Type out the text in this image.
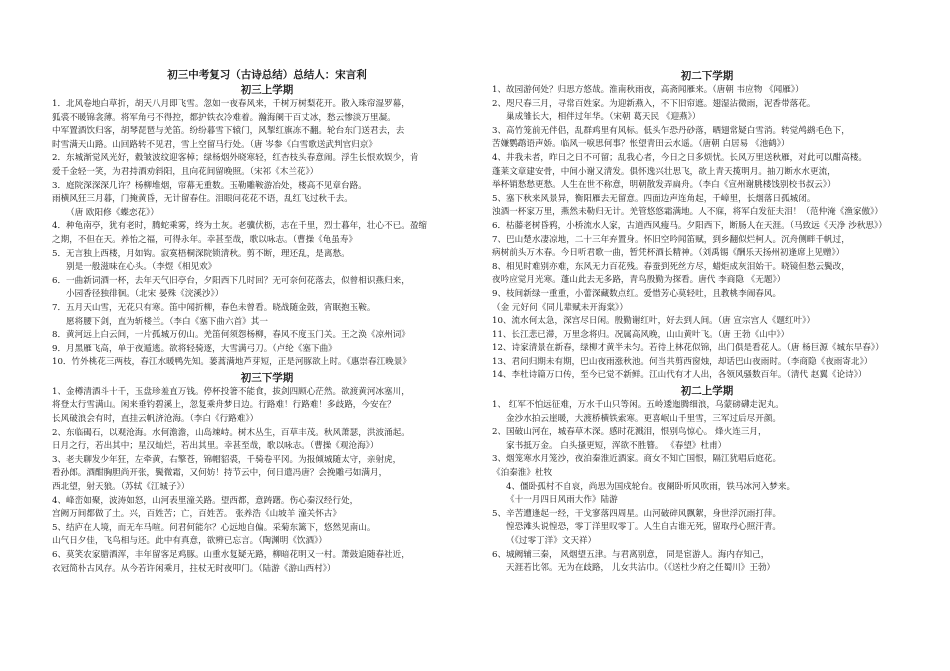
初三中考复习（古诗总结）总结人：宋言利

初三上学期

1．北风卷地白草折，胡天八月即飞雪。忽如一夜春风来，千树万树梨花开。散入珠帘湿罗幕，

狐裘不暖锦衾薄。将军角弓不得控，都护铁衣冷难着。瀚海阑干百丈冰，愁云惨淡万里凝。

中军置酒饮归客，胡琴琵琶与羌笛。纷纷暮雪下辕门，风掣红旗冻不翻。轮台东门送君去，去

时雪满天山路。山回路转不见君，雪上空留马行处。（唐 岑参《白雪歌送武判官归京》

2．东城渐觉风光好，縠皱波纹迎客棹；绿杨烟外晓寒轻，红杏枝头春意闹。浮生长恨欢娱少，肯

爱千金轻一笑，为君持酒劝斜阳，且向花间留晚照。（宋祁《木兰花》）

3．庭院深深深几许？杨柳堆烟，帘幕无重数。玉勒雕鞍游冶处，楼高不见章台路。

雨横风狂三月暮，门掩黄昏，无计留春住。泪眼问花花不语，乱红飞过秋千去。

（唐 欧阳修《蝶恋花》）

4．种龟南亭，犹有老时，腾蛇乘雾，终为土灰。老骥伏枥，志在千里，烈士暮年，壮心不已。盈缩

之期，不但在天。养怡之福，可得永年。幸甚至哉，歌以咏志。（曹操《龟虽寿》

5．无言独上西楼，月如钩。寂寞梧桐深院锁清秋。剪不断，理还乱，是离愁。

别是一般滋味在心头。（李煜《相见欢》

6．一曲新词酒一杯，去年天气旧亭台，夕阳西下几时回？无可奈何花落去，似曾相识燕归来，

小园香径独徘徊。（北宋 晏殊《浣溪沙》）

7．五月天山雪，无花只有寒。笛中闻折柳，春色未曾看。晓战随金鼓，宵眠抱玉鞍。

愿将腰下剑，直为斩楼兰。（李白《塞下曲六首》其一

8．黄河远上白云间，一片孤城万仞山。羌笛何须怨杨柳，春风不度玉门关。王之涣《凉州词》

9．月黑雁飞高，单于夜遁逃。欲将轻骑逐，大雪满弓刀。（卢纶《塞下曲》

10．竹外桃花三两枝，春江水暖鸭先知。蒌蒿满地芦芽短，正是河豚欲上时。《惠崇春江晚景》

初三下学期

1、金樽清酒斗十千，玉盘珍羞直万钱。停杯投箸不能食，拔剑四顾心茫然。欲渡黄河冰塞川，

将登太行雪满山。闲来垂钓碧溪上，忽复乘舟梦日边。行路难！行路难！多歧路，今安在？

长风破浪会有时，直挂云帆济沧海。（李白《行路难》）

2、东临碣石，以观沧海。水何澹澹，山岛竦峙。树木丛生，百草丰茂。秋风萧瑟，洪波涌起。

日月之行，若出其中；星汉灿烂，若出其里。幸甚至哉，歌以咏志。（曹操《观沧海》）

3、老夫聊发少年狂，左牵黄，右擎苍，锦帽貂裘，千骑卷平冈。为报倾城随太守，亲射虎，

看孙郎。酒酣胸胆尚开张，鬓微霜，又何妨！持节云中，何日遣冯唐？会挽雕弓如满月，

西北望，射天狼。（苏轼《江城子》）

4、峰峦如聚，波涛如怒，山河表里潼关路。望西都，意踌躇。伤心秦汉经行处，

宫阙万间都做了土。兴，百姓苦；亡，百姓苦。 张养浩《山坡羊 潼关怀古》

5、结庐在人境，而无车马喧。问君何能尔？心远地自偏。采菊东篱下，悠然见南山。

山气日夕佳，飞鸟相与还。此中有真意，欲辨已忘言。（陶渊明《饮酒》）

6、莫笑农家腊酒浑，丰年留客足鸡豚。山重水复疑无路，柳暗花明又一村。萧鼓追随春社近，

衣冠简朴古风存。从今若许闲乘月，拄杖无时夜叩门。（陆游《游山西村》）

初二下学期

1、故园游何处？归思方悠哉。淮南秋雨夜，高斋闻雁来。（唐朝 韦应物 《闻雁》）

2、咫尺春三月，寻常百姓家。为迎新燕入，不下旧帘遮。翅湿沾微雨，泥香带落花。

巢成雏长大，相伴过年华。（宋朝 葛天民 《迎燕》）

3、高竹笼前无伴侣，乱群鸡里有风标。低头乍恐丹砂落，晒翅常疑白雪消。转觉鸬鹚毛色下，

苦嫌鹦鹉语声娇。临风一唳思何事？怅望青田云水遥。（唐朝 白居易 《池鹤》）

4、井我未者，昨日之日不可留；乱我心者，今日之日多烦忧。长风万里送秋雁，对此可以酣高楼。

蓬莱文章建安骨，中间小谢又清发。俱怀逸兴壮思飞，欲上青天揽明月。抽刀断水水更流，

举杯销愁愁更愁。人生在世不称意，明朝散发弄扁舟。（李白《宣州谢朓楼饯别校书叔云》）

5、塞下秋来风景异，衡阳雁去无留意。四面边声连角起，千嶂里，长烟落日孤城闭。

浊酒一杯家万里，燕然未勒归无计。羌管悠悠霜满地。人不寐，将军白发征夫泪！（范仲淹《渔家傲》）

6．枯藤老树昏鸦，小桥流水人家，古道西风瘦马。夕阳西下，断肠人在天涯。（马致远《天净 沙秋思》）

7、巴山楚水凄凉地，二十三年弃置身。怀旧空吟闻笛赋，到乡翻似烂柯人。沉舟侧畔千帆过，

病树前头万木春。今日听君歌一曲，暂凭杯酒长精神。（刘禹锡《酬乐天扬州初逢席上见赠》）

8、相见时难别亦难，东风无力百花残。春蚕到死丝方尽，蜡炬成灰泪始干。晓镜但愁云鬓改，

夜吟应觉月光寒。蓬山此去无多路，青鸟殷勤为探看。唐代 李商隐 《无题》）

9、枝间新绿一重重，小蕾深藏数点红。爱惜芳心莫轻吐，且教桃李闹春风。

（金 元好问《同儿辈赋未开海棠》）

10、流水何太急，深宫尽日闲。殷勤谢红叶，好去到人间。（唐 宣宗宫人《题红叶》）

11、长江悲已滞，万里念将归。况属高风晚，山山黄叶飞。（唐 王勃《山中》）

12、诗家清景在新春，绿柳才黄半未匀。若待上林花似锦，出门俱是看花人。（唐 杨巨源《城东早春》）

13、君问归期未有期，巴山夜雨涨秋池。何当共剪西窗烛，却话巴山夜雨时。（李商隐《夜雨寄北》）

14、李杜诗篇万口传，至今已觉不新鲜。江山代有才人出，各领风骚数百年。（清代 赵翼《论诗》）

初二上学期

1、 红军不怕远征难，万水千山只等闲。五岭逶迤腾细浪，乌蒙磅礴走泥丸。

金沙水拍云崖暖，大渡桥横铁索寒。更喜岷山千里雪，三军过后尽开颜。

2、国破山河在，城春草木深。感时花溅泪，恨别鸟惊心。 烽火连三月，

家书抵万金。 白头搔更短，浑欲不胜簪。 《春望》杜甫）

3、烟笼寒水月笼沙，夜泊秦淮近酒家。商女不知亡国恨，隔江犹唱后庭花。

《泊秦淮》杜牧

4、僵卧孤村不自哀，尚思为国戍轮台。夜阑卧听风吹雨，铁马冰河入梦来。

《十一月四日风雨大作》陆游

5、辛苦遭逢起一经，干戈寥落四周星。山河破碎风飘絮，身世浮沉雨打萍。

惶恐滩头说惶恐，零丁洋里叹零丁。人生自古谁无死，留取丹心照汗青。

（《过零丁洋》文天祥）

6、城阙辅三秦， 风烟望五津。与君离别意， 同是宦游人。海内存知己，

天涯若比邻。无为在歧路， 儿女共沾巾。（《送杜少府之任蜀川》王勃）
